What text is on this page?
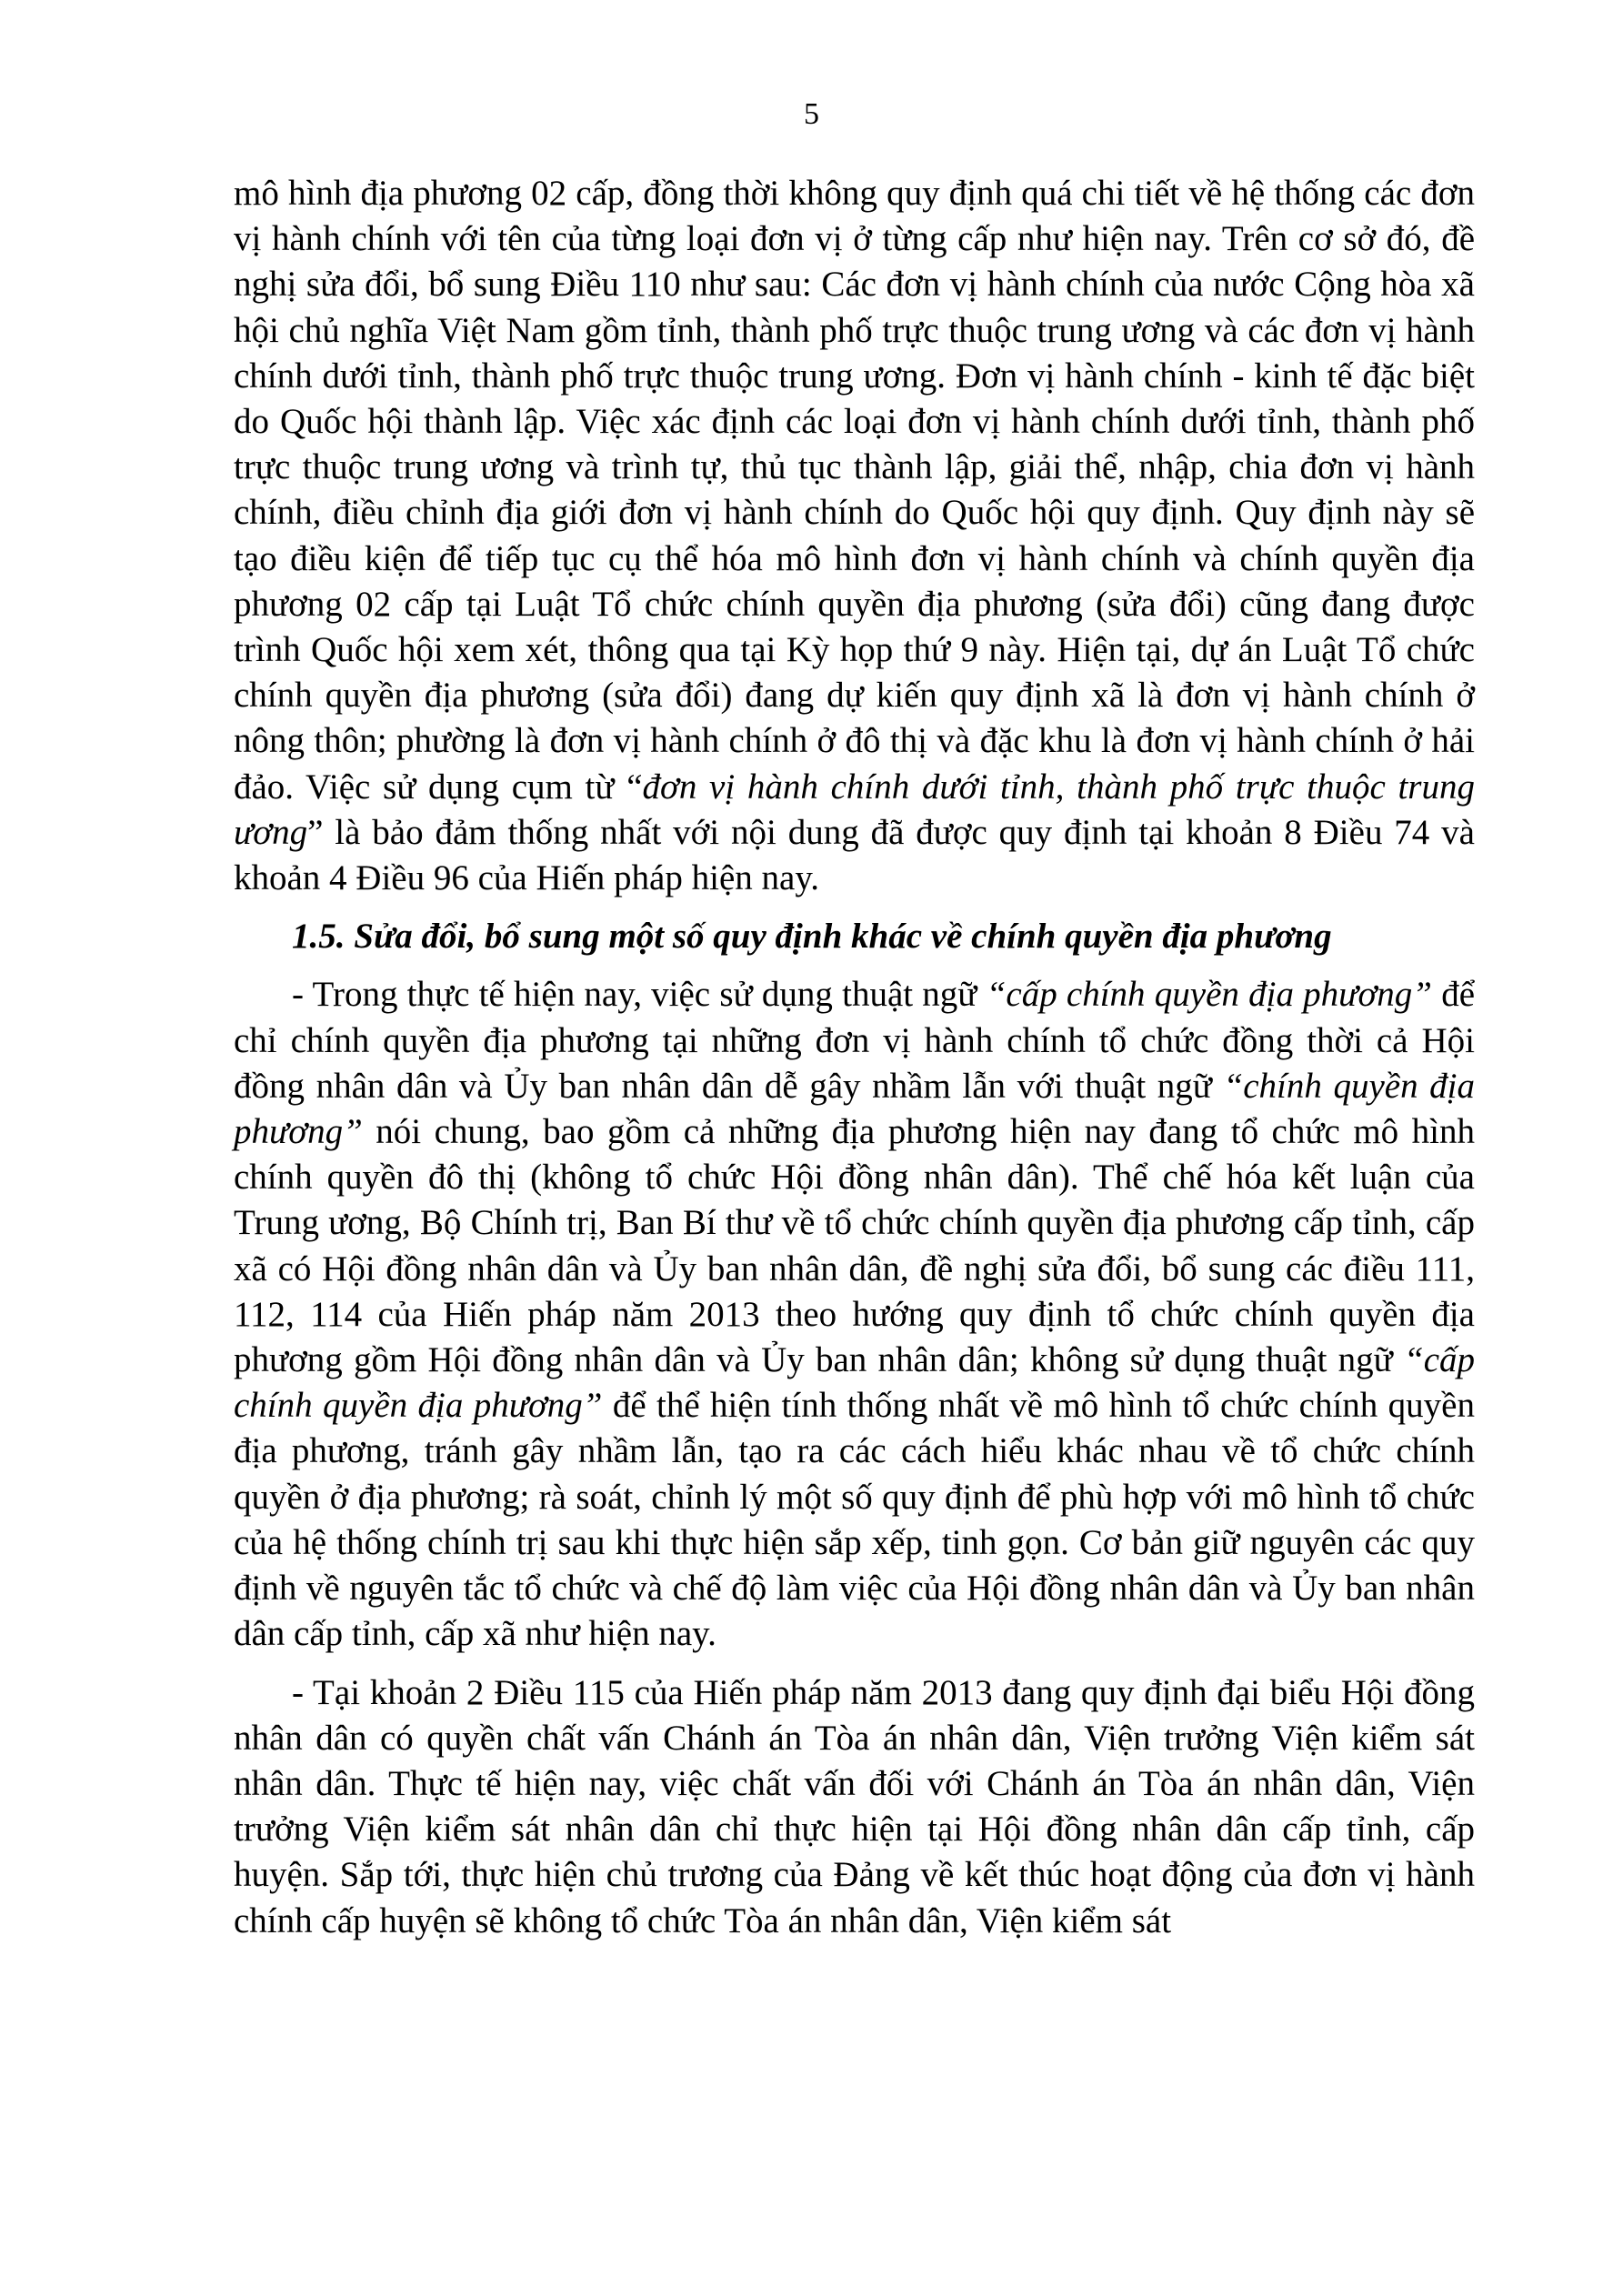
5

mô hình địa phương 02 cấp, đồng thời không quy định quá chi tiết về hệ thống các đơn vị hành chính với tên của từng loại đơn vị ở từng cấp như hiện nay. Trên cơ sở đó, đề nghị sửa đổi, bổ sung Điều 110 như sau: Các đơn vị hành chính của nước Cộng hòa xã hội chủ nghĩa Việt Nam gồm tỉnh, thành phố trực thuộc trung ương và các đơn vị hành chính dưới tỉnh, thành phố trực thuộc trung ương. Đơn vị hành chính - kinh tế đặc biệt do Quốc hội thành lập. Việc xác định các loại đơn vị hành chính dưới tỉnh, thành phố trực thuộc trung ương và trình tự, thủ tục thành lập, giải thể, nhập, chia đơn vị hành chính, điều chỉnh địa giới đơn vị hành chính do Quốc hội quy định. Quy định này sẽ tạo điều kiện để tiếp tục cụ thể hóa mô hình đơn vị hành chính và chính quyền địa phương 02 cấp tại Luật Tổ chức chính quyền địa phương (sửa đổi) cũng đang được trình Quốc hội xem xét, thông qua tại Kỳ họp thứ 9 này. Hiện tại, dự án Luật Tổ chức chính quyền địa phương (sửa đổi) đang dự kiến quy định xã là đơn vị hành chính ở nông thôn; phường là đơn vị hành chính ở đô thị và đặc khu là đơn vị hành chính ở hải đảo. Việc sử dụng cụm từ “đơn vị hành chính dưới tỉnh, thành phố trực thuộc trung ương” là bảo đảm thống nhất với nội dung đã được quy định tại khoản 8 Điều 74 và khoản 4 Điều 96 của Hiến pháp hiện nay.

1.5. Sửa đổi, bổ sung một số quy định khác về chính quyền địa phương

- Trong thực tế hiện nay, việc sử dụng thuật ngữ “cấp chính quyền địa phương” để chỉ chính quyền địa phương tại những đơn vị hành chính tổ chức đồng thời cả Hội đồng nhân dân và Ủy ban nhân dân dễ gây nhầm lẫn với thuật ngữ “chính quyền địa phương” nói chung, bao gồm cả những địa phương hiện nay đang tổ chức mô hình chính quyền đô thị (không tổ chức Hội đồng nhân dân). Thể chế hóa kết luận của Trung ương, Bộ Chính trị, Ban Bí thư về tổ chức chính quyền địa phương cấp tỉnh, cấp xã có Hội đồng nhân dân và Ủy ban nhân dân, đề nghị sửa đổi, bổ sung các điều 111, 112, 114 của Hiến pháp năm 2013 theo hướng quy định tổ chức chính quyền địa phương gồm Hội đồng nhân dân và Ủy ban nhân dân; không sử dụng thuật ngữ “cấp chính quyền địa phương” để thể hiện tính thống nhất về mô hình tổ chức chính quyền địa phương, tránh gây nhầm lẫn, tạo ra các cách hiểu khác nhau về tổ chức chính quyền ở địa phương; rà soát, chỉnh lý một số quy định để phù hợp với mô hình tổ chức của hệ thống chính trị sau khi thực hiện sắp xếp, tinh gọn. Cơ bản giữ nguyên các quy định về nguyên tắc tổ chức và chế độ làm việc của Hội đồng nhân dân và Ủy ban nhân dân cấp tỉnh, cấp xã như hiện nay.

- Tại khoản 2 Điều 115 của Hiến pháp năm 2013 đang quy định đại biểu Hội đồng nhân dân có quyền chất vấn Chánh án Tòa án nhân dân, Viện trưởng Viện kiểm sát nhân dân. Thực tế hiện nay, việc chất vấn đối với Chánh án Tòa án nhân dân, Viện trưởng Viện kiểm sát nhân dân chỉ thực hiện tại Hội đồng nhân dân cấp tỉnh, cấp huyện. Sắp tới, thực hiện chủ trương của Đảng về kết thúc hoạt động của đơn vị hành chính cấp huyện sẽ không tổ chức Tòa án nhân dân, Viện kiểm sát
